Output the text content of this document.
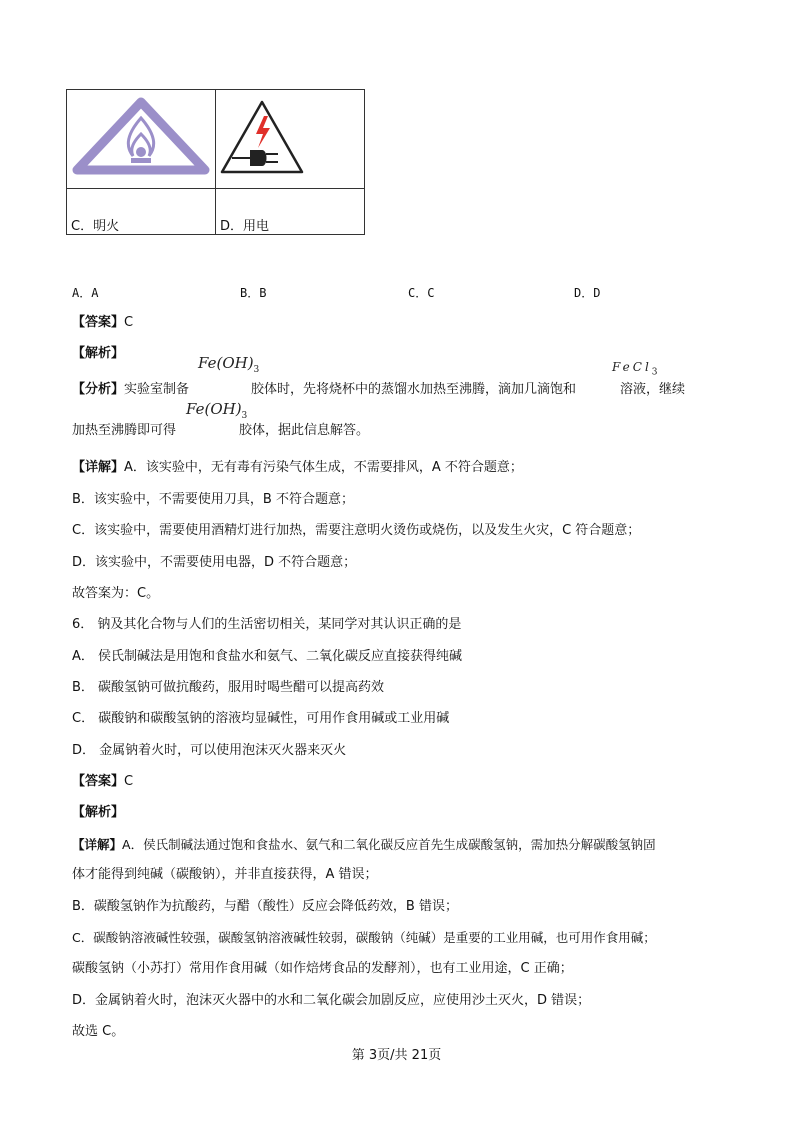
C．明火	D．用电
A．A	B．B	C．C	D．D
【答案】C
【解析】
$Fe(OH)_3$	FeCl$_3$
【分析】实验室制备	胶体时，先将烧杯中的蒸馏水加热至沸腾，滴加几滴饱和	溶液，继续
$Fe(OH)_3$
加热至沸腾即可得	胶体，据此信息解答。
【详解】A．该实验中，无有毒有污染气体生成，不需要排风，A 不符合题意；
B．该实验中，不需要使用刀具，B 不符合题意；
C．该实验中，需要使用酒精灯进行加热，需要注意明火烫伤或烧伤，以及发生火灾，C 符合题意；
D．该实验中，不需要使用电器，D 不符合题意；
故答案为：C。
6． 钠及其化合物与人们的生活密切相关，某同学对其认识正确的是
A． 侯氏制碱法是用饱和食盐水和氨气、二氧化碳反应直接获得纯碱
B． 碳酸氢钠可做抗酸药，服用时喝些醋可以提高药效
C． 碳酸钠和碳酸氢钠的溶液均显碱性，可用作食用碱或工业用碱
D． 金属钠着火时，可以使用泡沫灭火器来灭火
【答案】C
【解析】
【详解】A．侯氏制碱法通过饱和食盐水、氨气和二氧化碳反应首先生成碳酸氢钠，需加热分解碳酸氢钠固
体才能得到纯碱（碳酸钠），并非直接获得，A 错误；
B．碳酸氢钠作为抗酸药，与醋（酸性）反应会降低药效，B 错误；
C．碳酸钠溶液碱性较强，碳酸氢钠溶液碱性较弱，碳酸钠（纯碱）是重要的工业用碱，也可用作食用碱；
碳酸氢钠（小苏打）常用作食用碱（如作焙烤食品的发酵剂），也有工业用途，C 正确；
D．金属钠着火时，泡沫灭火器中的水和二氧化碳会加剧反应，应使用沙土灭火，D 错误；
故选 C。
第 3页/共 21页
